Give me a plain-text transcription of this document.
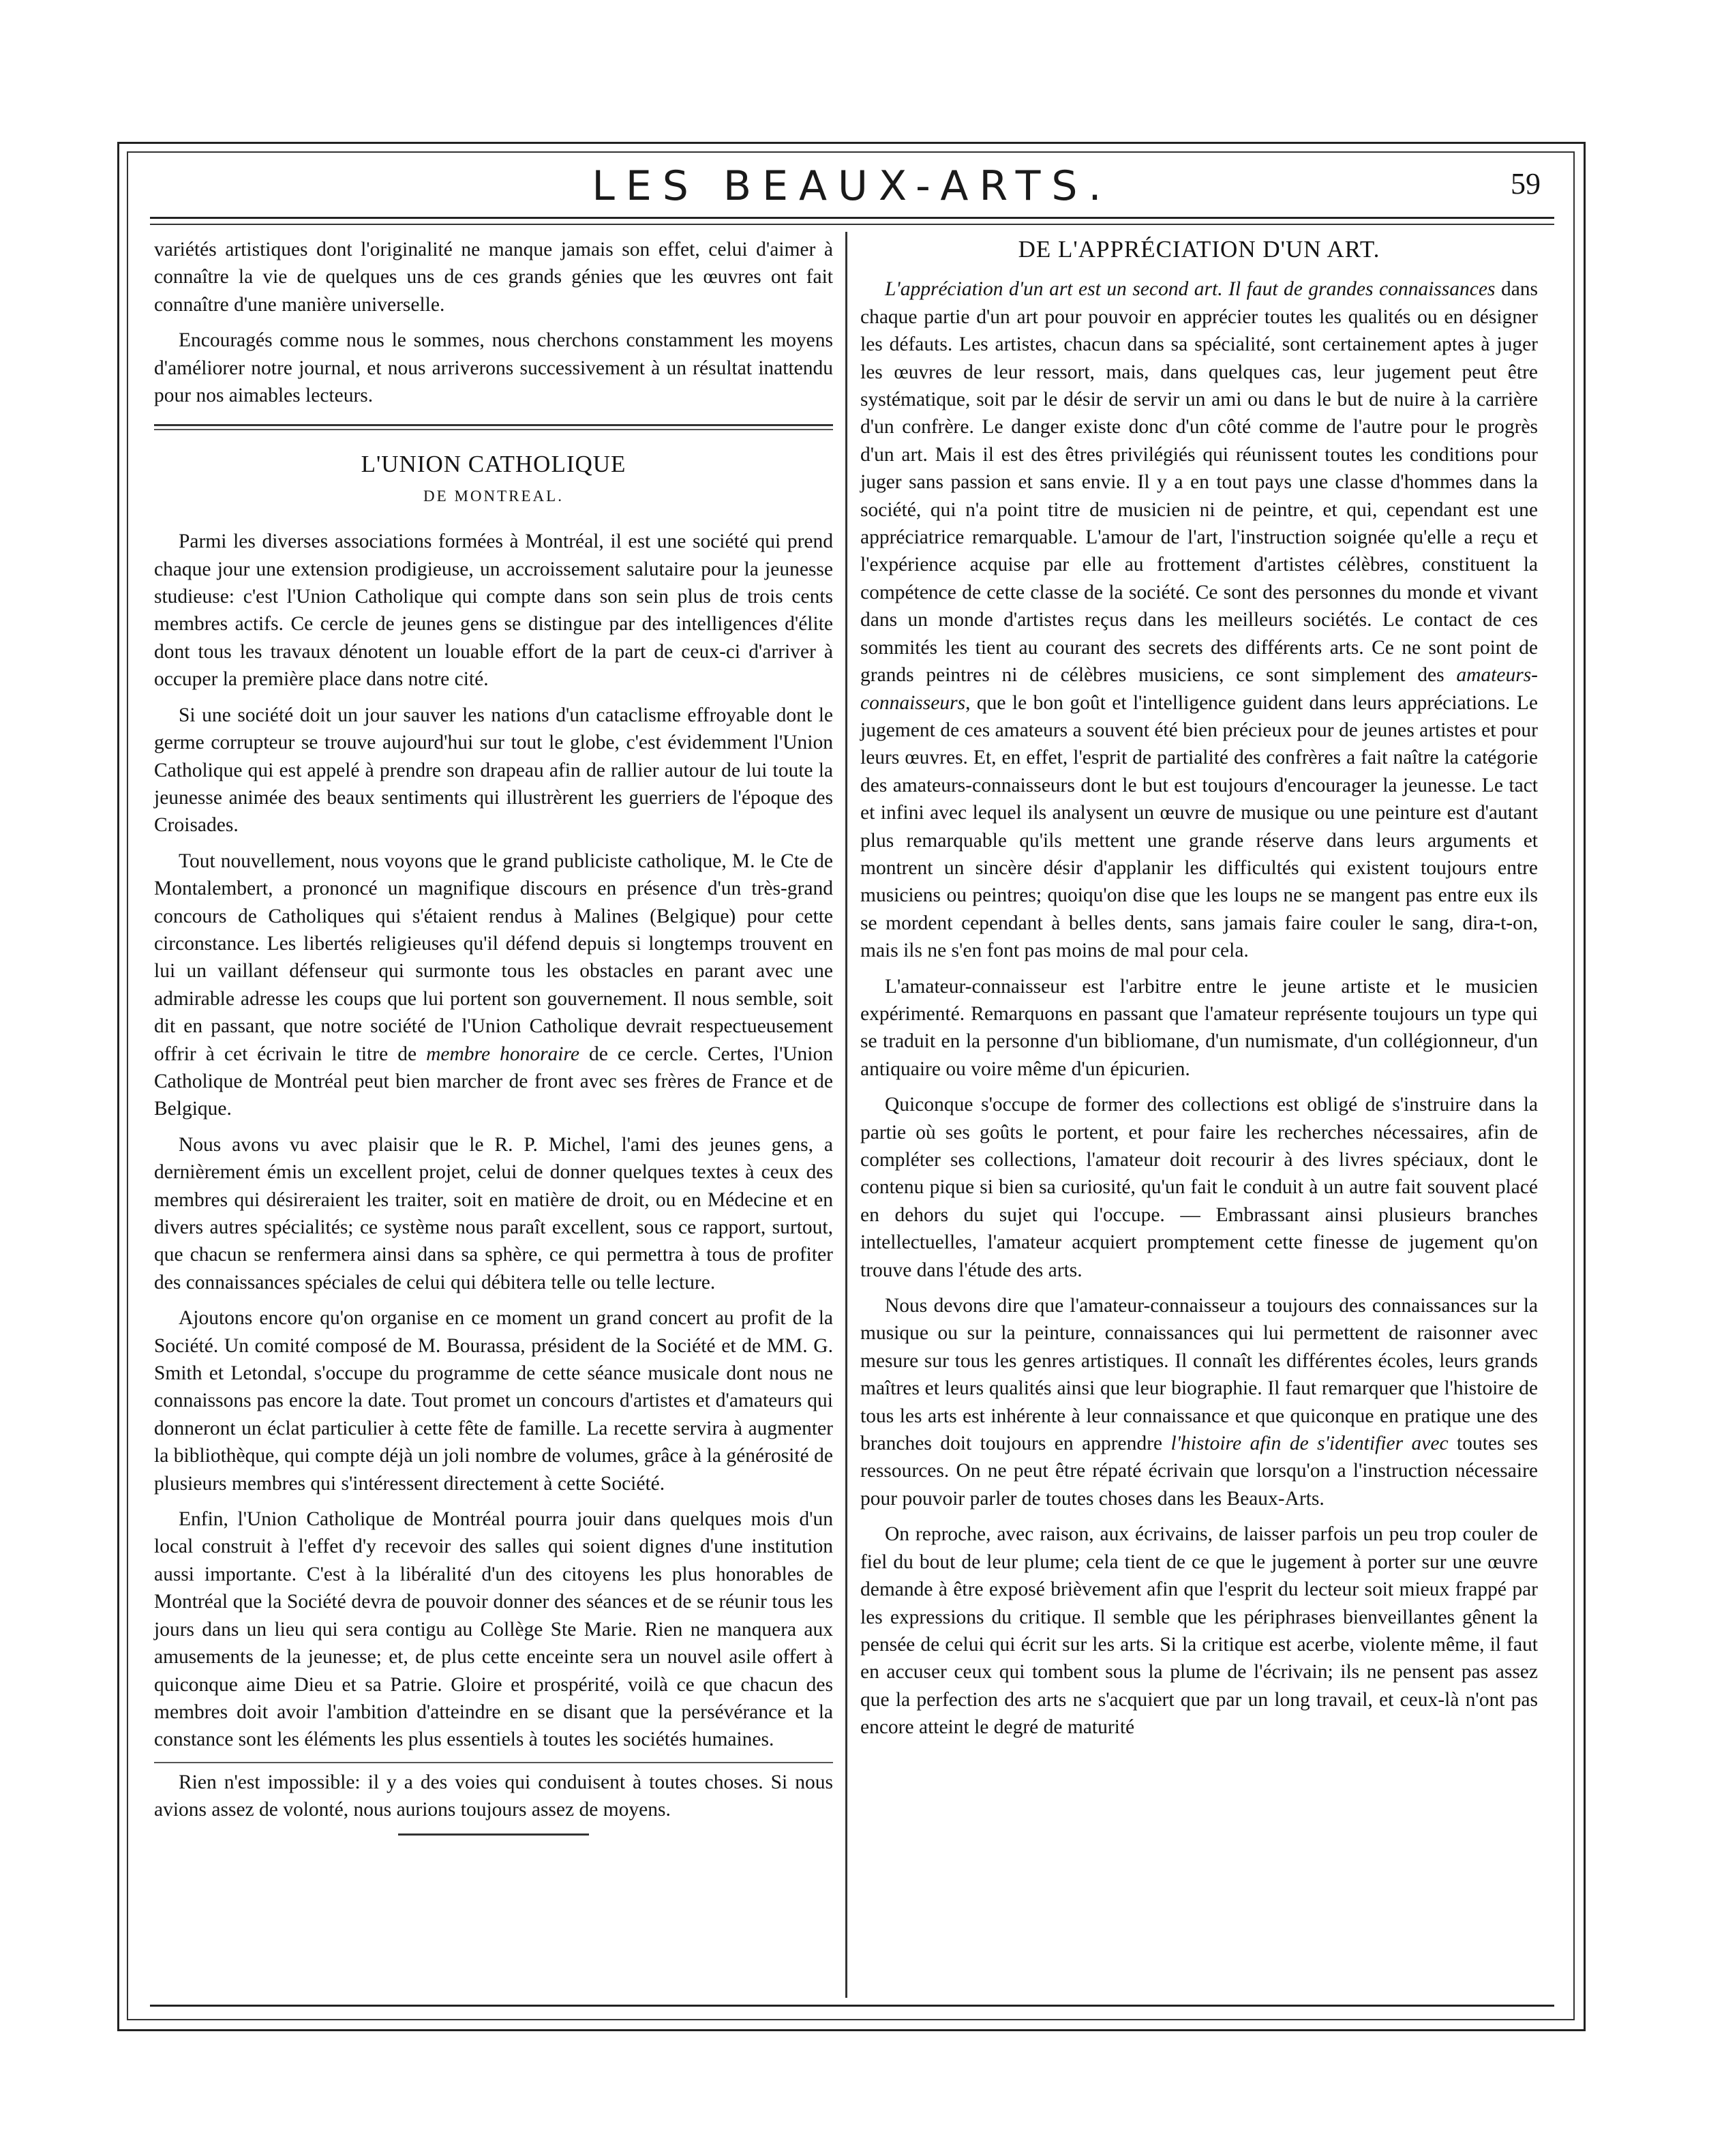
LES BEAUX-ARTS.	59

variétés artistiques dont l'originalité ne manque jamais son effet, celui d'aimer à connaître la vie de quelques uns de ces grands génies que les œuvres ont fait connaître d'une manière universelle.

Encouragés comme nous le sommes, nous cherchons constamment les moyens d'améliorer notre journal, et nous arriverons successivement à un résultat inattendu pour nos aimables lecteurs.

L'UNION CATHOLIQUE
DE MONTREAL.

Parmi les diverses associations formées à Montréal, il est une société qui prend chaque jour une extension prodigieuse, un accroissement salutaire pour la jeunesse studieuse: c'est l'Union Catholique qui compte dans son sein plus de trois cents membres actifs. Ce cercle de jeunes gens se distingue par des intelligences d'élite dont tous les travaux dénotent un louable effort de la part de ceux-ci d'arriver à occuper la première place dans notre cité.

Si une société doit un jour sauver les nations d'un cataclisme effroyable dont le germe corrupteur se trouve aujourd'hui sur tout le globe, c'est évidemment l'Union Catholique qui est appelé à prendre son drapeau afin de rallier autour de lui toute la jeunesse animée des beaux sentiments qui illustrèrent les guerriers de l'époque des Croisades.

Tout nouvellement, nous voyons que le grand publiciste catholique, M. le Cte de Montalembert, a prononcé un magnifique discours en présence d'un très-grand concours de Catholiques qui s'étaient rendus à Malines (Belgique) pour cette circonstance. Les libertés religieuses qu'il défend depuis si longtemps trouvent en lui un vaillant défenseur qui surmonte tous les obstacles en parant avec une admirable adresse les coups que lui portent son gouvernement. Il nous semble, soit dit en passant, que notre société de l'Union Catholique devrait respectueusement offrir à cet écrivain le titre de membre honoraire de ce cercle. Certes, l'Union Catholique de Montréal peut bien marcher de front avec ses frères de France et de Belgique.

Nous avons vu avec plaisir que le R. P. Michel, l'ami des jeunes gens, a dernièrement émis un excellent projet, celui de donner quelques textes à ceux des membres qui désireraient les traiter, soit en matière de droit, ou en Médecine et en divers autres spécialités; ce système nous paraît excellent, sous ce rapport, surtout, que chacun se renfermera ainsi dans sa sphère, ce qui permettra à tous de profiter des connaissances spéciales de celui qui débitera telle ou telle lecture.

Ajoutons encore qu'on organise en ce moment un grand concert au profit de la Société. Un comité composé de M. Bourassa, président de la Société et de MM. G. Smith et Letondal, s'occupe du programme de cette séance musicale dont nous ne connaissons pas encore la date. Tout promet un concours d'artistes et d'amateurs qui donneront un éclat particulier à cette fête de famille. La recette servira à augmenter la bibliothèque, qui compte déjà un joli nombre de volumes, grâce à la générosité de plusieurs membres qui s'intéressent directement à cette Société.

Enfin, l'Union Catholique de Montréal pourra jouir dans quelques mois d'un local construit à l'effet d'y recevoir des salles qui soient dignes d'une institution aussi importante. C'est à la libéralité d'un des citoyens les plus honorables de Montréal que la Société devra de pouvoir donner des séances et de se réunir tous les jours dans un lieu qui sera contigu au Collège Ste Marie. Rien ne manquera aux amusements de la jeunesse; et, de plus cette enceinte sera un nouvel asile offert à quiconque aime Dieu et sa Patrie. Gloire et prospérité, voilà ce que chacun des membres doit avoir l'ambition d'atteindre en se disant que la persévérance et la constance sont les éléments les plus essentiels à toutes les sociétés humaines.

Rien n'est impossible: il y a des voies qui conduisent à toutes choses. Si nous avions assez de volonté, nous aurions toujours assez de moyens.

DE L'APPRÉCIATION D'UN ART.

L'appréciation d'un art est un second art. Il faut de grandes connaissances dans chaque partie d'un art pour pouvoir en apprécier toutes les qualités ou en désigner les défauts. Les artistes, chacun dans sa spécialité, sont certainement aptes à juger les œuvres de leur ressort, mais, dans quelques cas, leur jugement peut être systématique, soit par le désir de servir un ami ou dans le but de nuire à la carrière d'un confrère. Le danger existe donc d'un côté comme de l'autre pour le progrès d'un art. Mais il est des êtres privilégiés qui réunissent toutes les conditions pour juger sans passion et sans envie. Il y a en tout pays une classe d'hommes dans la société, qui n'a point titre de musicien ni de peintre, et qui, cependant est une appréciatrice remarquable. L'amour de l'art, l'instruction soignée qu'elle a reçu et l'expérience acquise par elle au frottement d'artistes célèbres, constituent la compétence de cette classe de la société. Ce sont des personnes du monde et vivant dans un monde d'artistes reçus dans les meilleurs sociétés. Le contact de ces sommités les tient au courant des secrets des différents arts. Ce ne sont point de grands peintres ni de célèbres musiciens, ce sont simplement des amateurs-connaisseurs, que le bon goût et l'intelligence guident dans leurs appréciations. Le jugement de ces amateurs a souvent été bien précieux pour de jeunes artistes et pour leurs œuvres. Et, en effet, l'esprit de partialité des confrères a fait naître la catégorie des amateurs-connaisseurs dont le but est toujours d'encourager la jeunesse. Le tact et infini avec lequel ils analysent un œuvre de musique ou une peinture est d'autant plus remarquable qu'ils mettent une grande réserve dans leurs arguments et montrent un sincère désir d'applanir les difficultés qui existent toujours entre musiciens ou peintres; quoiqu'on dise que les loups ne se mangent pas entre eux ils se mordent cependant à belles dents, sans jamais faire couler le sang, dira-t-on, mais ils ne s'en font pas moins de mal pour cela.

L'amateur-connaisseur est l'arbitre entre le jeune artiste et le musicien expérimenté. Remarquons en passant que l'amateur représente toujours un type qui se traduit en la personne d'un bibliomane, d'un numismate, d'un collégionneur, d'un antiquaire ou voire même d'un épicurien.

Quiconque s'occupe de former des collections est obligé de s'instruire dans la partie où ses goûts le portent, et pour faire les recherches nécessaires, afin de compléter ses collections, l'amateur doit recourir à des livres spéciaux, dont le contenu pique si bien sa curiosité, qu'un fait le conduit à un autre fait souvent placé en dehors du sujet qui l'occupe. — Embrassant ainsi plusieurs branches intellectuelles, l'amateur acquiert promptement cette finesse de jugement qu'on trouve dans l'étude des arts.

Nous devons dire que l'amateur-connaisseur a toujours des connaissances sur la musique ou sur la peinture, connaissances qui lui permettent de raisonner avec mesure sur tous les genres artistiques. Il connaît les différentes écoles, leurs grands maîtres et leurs qualités ainsi que leur biographie. Il faut remarquer que l'histoire de tous les arts est inhérente à leur connaissance et que quiconque en pratique une des branches doit toujours en apprendre l'histoire afin de s'identifier avec toutes ses ressources. On ne peut être répaté écrivain que lorsqu'on a l'instruction nécessaire pour pouvoir parler de toutes choses dans les Beaux-Arts.

On reproche, avec raison, aux écrivains, de laisser parfois un peu trop couler de fiel du bout de leur plume; cela tient de ce que le jugement à porter sur une œuvre demande à être exposé brièvement afin que l'esprit du lecteur soit mieux frappé par les expressions du critique. Il semble que les périphrases bienveillantes gênent la pensée de celui qui écrit sur les arts. Si la critique est acerbe, violente même, il faut en accuser ceux qui tombent sous la plume de l'écrivain; ils ne pensent pas assez que la perfection des arts ne s'acquiert que par un long travail, et ceux-là n'ont pas encore atteint le degré de maturité
